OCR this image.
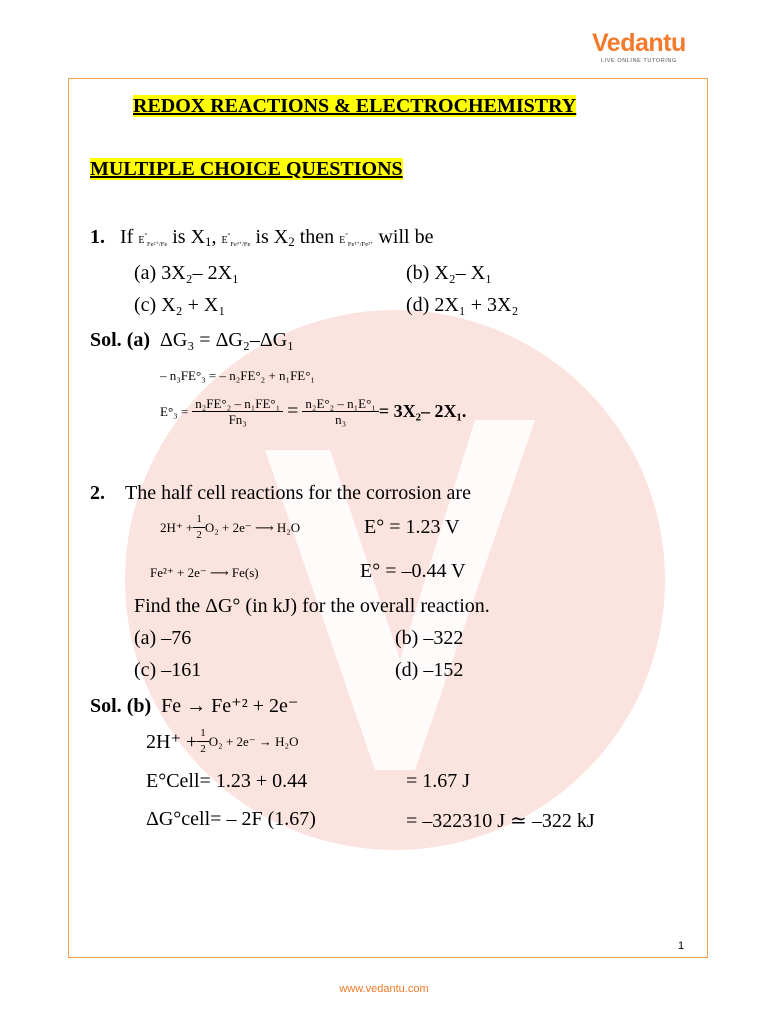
Vedantu
LIVE ONLINE TUTORING
REDOX REACTIONS & ELECTROCHEMISTRY
MULTIPLE CHOICE QUESTIONS
1. If $E^\circ_{Fe^{2+}/Fe}$ is $X_1$, $E^\circ_{Fe^{3+}/Fe}$ is $X_2$ then $E^\circ_{Fe^{3+}/Fe^{2+}}$ will be
(a) 3X₂– 2X₁	(b) X₂– X₁
(c) X₂ + X₁	(d) 2X₁ + 3X₂
Sol. (a) ΔG₃ = ΔG₂–ΔG₁
– n₃FE°₃ = – n₂FE°₂ + n₁FE°₁
E°₃ =
$\frac{\text{n₂FE°₂ – n₁FE°₁}}{\text{Fn₃}}$
=
$\frac{\text{n₂E°₂ – n₁E°₁}}{\text{n₃}} = 3X_2-$ 2X₁.
2. The half cell reactions for the corrosion are
$2H^+ + \frac{1}{2} O_2 + 2e^-$ ⟶ H₂O	E° = 1.23 V
Fe²⁺ + 2e⁻ ⟶ Fe(s)	E° = –0.44 V
Find the ΔG° (in kJ) for the overall reaction.
(a) –76	(b) –322
(c) –161	(d) –152
Sol. (b) Fe → Fe⁺² + 2e⁻
$2H^+ + \frac{1}{2} O_2 + 2e^- \to H_2O$
E°Cell= 1.23 + 0.44	= 1.67 J
ΔG°cell= – 2F (1.67)	= –322310 J ≃ –322 kJ
1
www.vedantu.com
